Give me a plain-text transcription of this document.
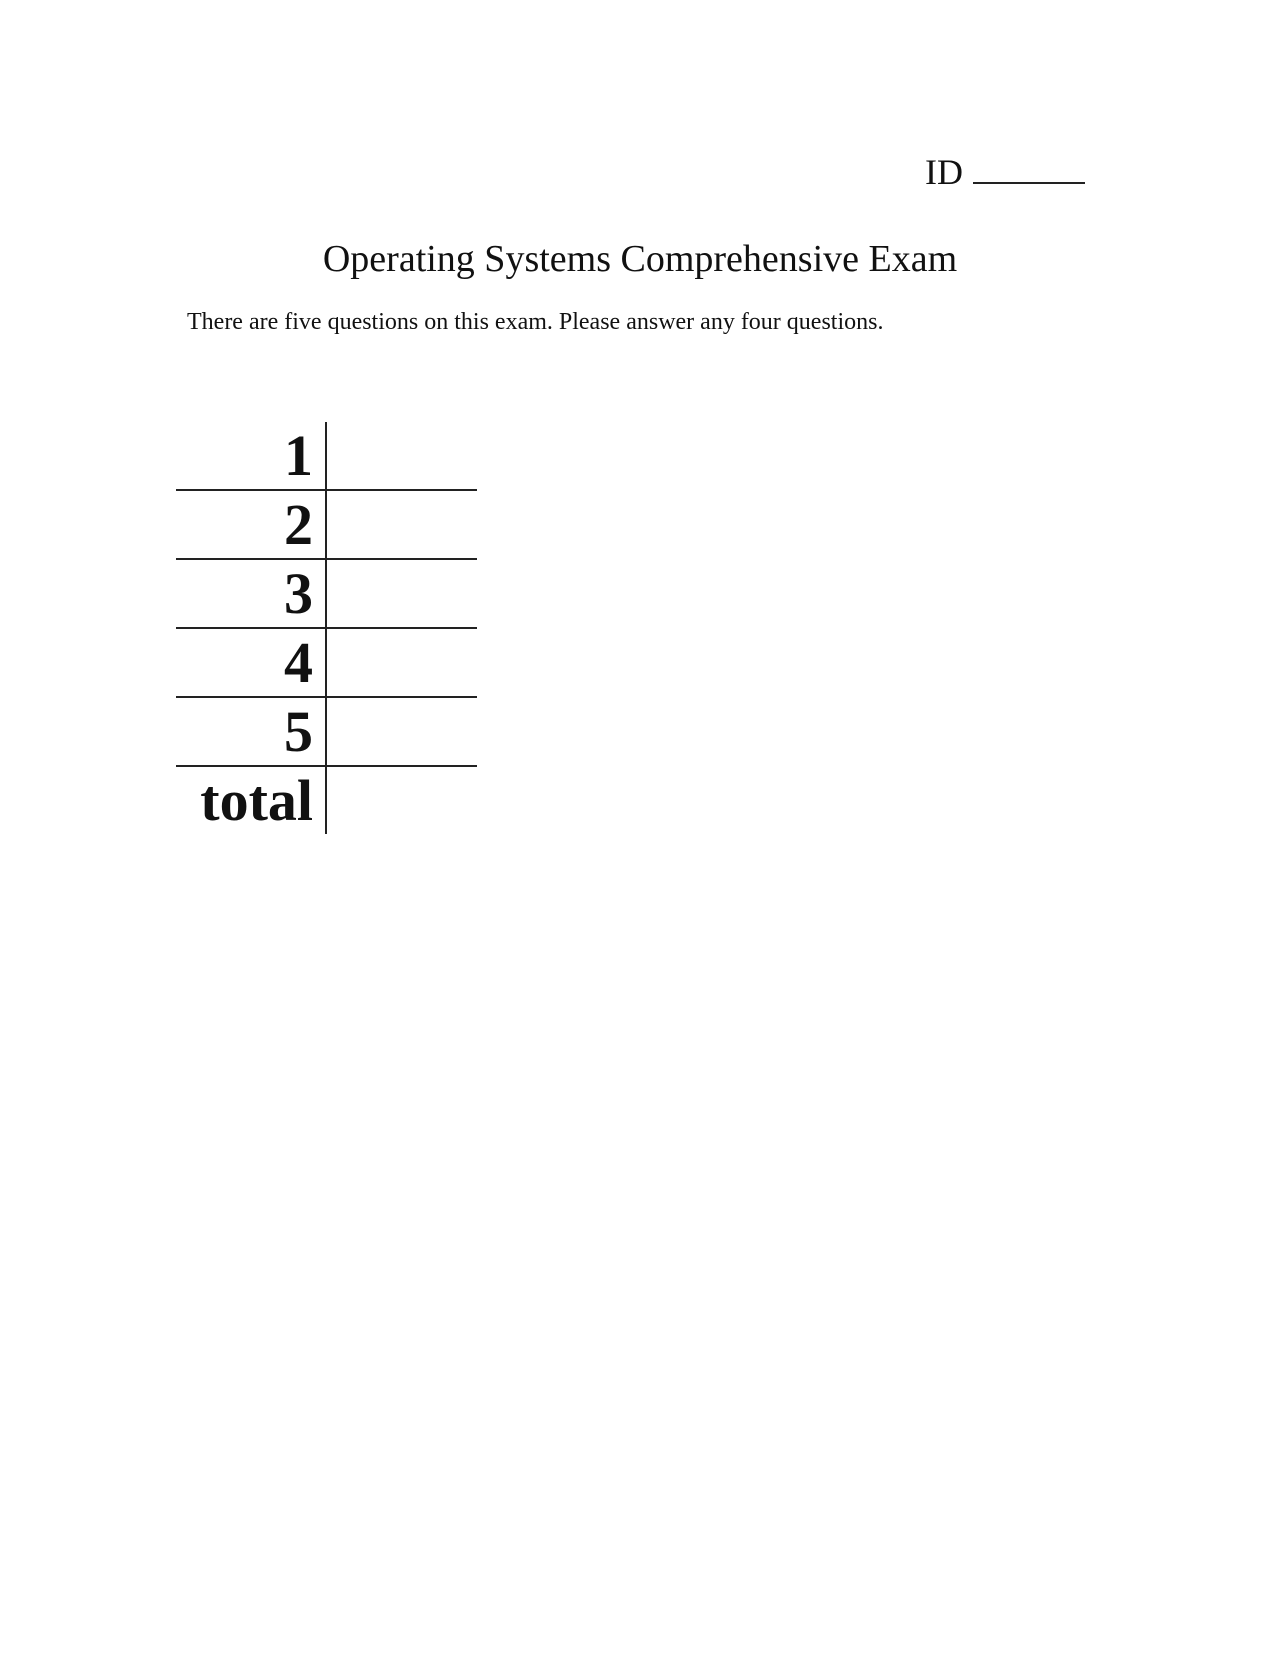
ID
Operating Systems Comprehensive Exam
There are five questions on this exam. Please answer any four questions.
1	
2	
3	
4	
5	
total	
